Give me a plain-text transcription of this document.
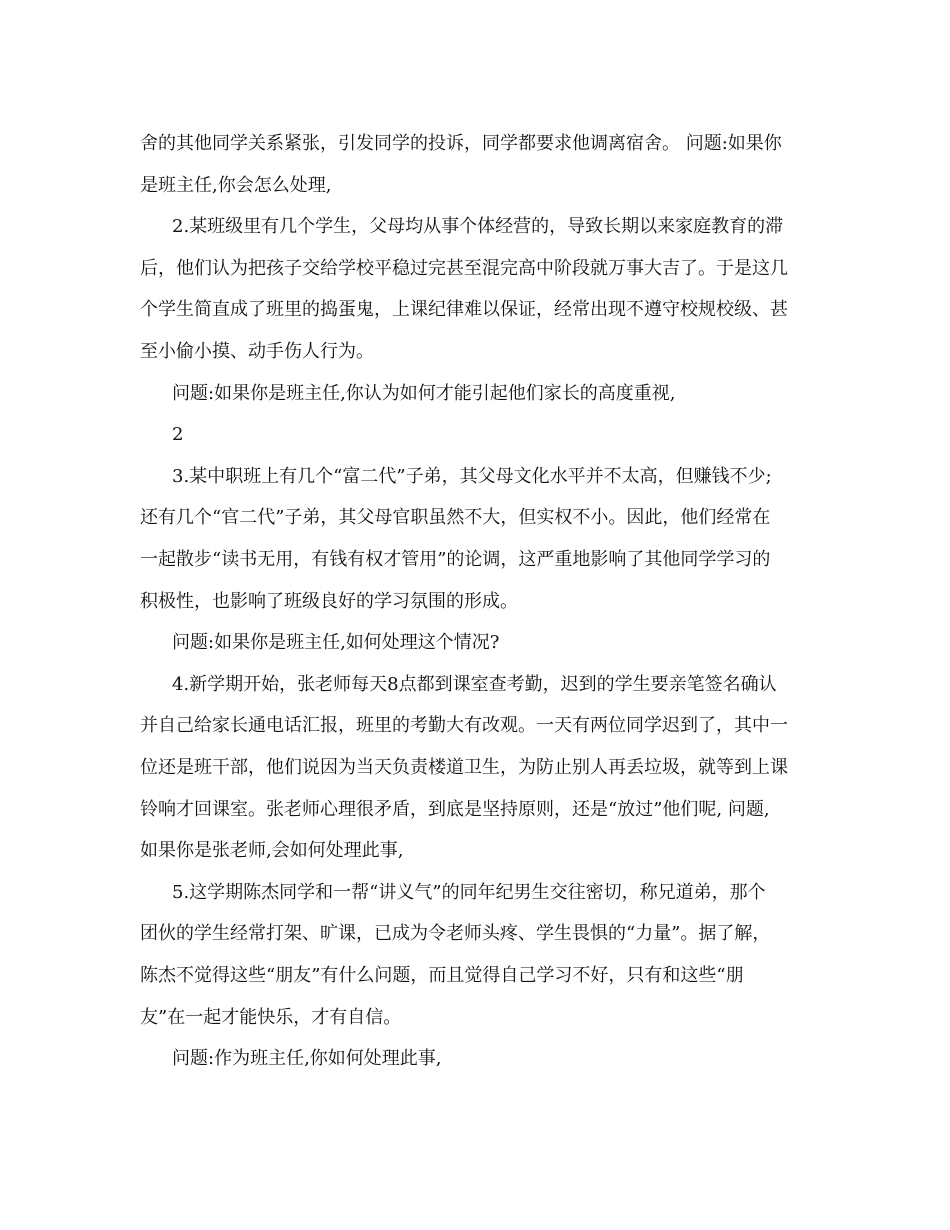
舍的其他同学关系紧张，引发同学的投诉，同学都要求他调离宿舍。 问题:如果你
是班主任,你会怎么处理,
2.某班级里有几个学生，父母均从事个体经营的，导致长期以来家庭教育的滞
后，他们认为把孩子交给学校平稳过完甚至混完高中阶段就万事大吉了。于是这几
个学生简直成了班里的捣蛋鬼，上课纪律难以保证，经常出现不遵守校规校级、甚
至小偷小摸、动手伤人行为。
问题:如果你是班主任,你认为如何才能引起他们家长的高度重视,
2
3.某中职班上有几个“富二代”子弟，其父母文化水平并不太高，但赚钱不少;
还有几个“官二代”子弟，其父母官职虽然不大，但实权不小。因此，他们经常在
一起散步“读书无用，有钱有权才管用”的论调，这严重地影响了其他同学学习的
积极性，也影响了班级良好的学习氛围的形成。
问题:如果你是班主任,如何处理这个情况?
4.新学期开始，张老师每天8点都到课室查考勤，迟到的学生要亲笔签名确认
并自己给家长通电话汇报，班里的考勤大有改观。一天有两位同学迟到了，其中一
位还是班干部，他们说因为当天负责楼道卫生，为防止别人再丢垃圾，就等到上课
铃响才回课室。张老师心理很矛盾，到底是坚持原则，还是“放过”他们呢, 问题,
如果你是张老师,会如何处理此事,
5.这学期陈杰同学和一帮“讲义气”的同年纪男生交往密切，称兄道弟，那个
团伙的学生经常打架、旷课，已成为令老师头疼、学生畏惧的“力量”。据了解，
陈杰不觉得这些“朋友”有什么问题，而且觉得自己学习不好，只有和这些“朋
友”在一起才能快乐，才有自信。
问题:作为班主任,你如何处理此事,
